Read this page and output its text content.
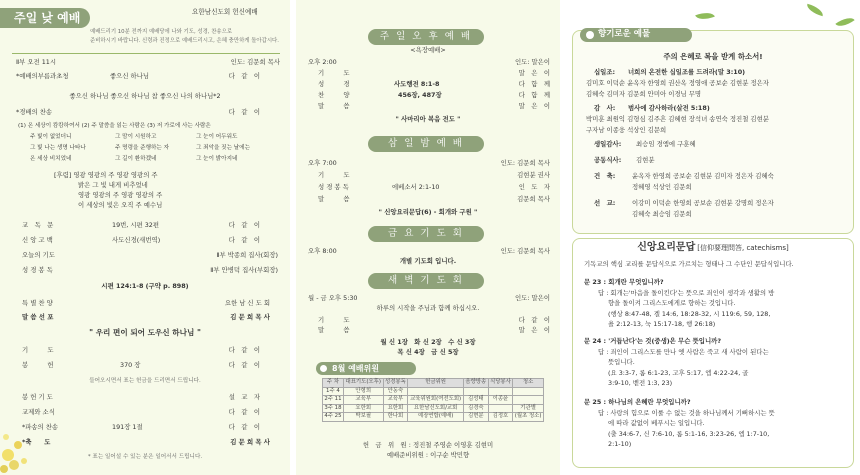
주일 낮 예배	요한남신도회 헌신예배
예배드리기 10분 전까지 예배당에 나와 기도, 성경, 찬송으로
준비하시기 바랍니다. 신령과 진정으로 예배드리시고, 은혜 충만하게 돌아갑시다.
Ⅱ부 오전 11시	인도: 김문희 목사
*예배의부름과초청	좋으신 하나님	다　같　이
좋으신 하나님 좋으신 하나님 참 좋으신 나의 하나님*2
*경배의 찬송	다　같　이
(1) 온 세상이 캄캄하여서 (2) 주 말씀을 읽는 사람은 (3) 저 가로에 사는 사람은
주 빛이 없었더니	그 맘이 시원하고	그 눈이 어두워도
그 빛 나는 생명 나타나	주 명령을 준행하는 자	그 죄악을 짓는 날에는
온 세상 비치었네	그 길이 환하겠네	그 눈이 밝아지네
[후렴] 영광 영광의 주 영광 영광의 주
밝은 그 빛 내게 비추었네
영광 영광의 주 영광 영광의 주
이 세상의 빛은 오직 주 예수님
교　독　문	19번, 시편 32편	다　같　이
신 앙 고 백	사도신경(새번역)	다　같　이
오늘의 기도	Ⅱ부 박종희 집사(회장)
성 경 봉 독	Ⅱ부 안병덕 집사(부회장)
시편 124:1-8 (구약 p. 898)
특 별 찬 양	요한 남 신 도 회
말 씀 선 포	김 문 희 목 사
" 우리 편이 되어 도우신 하나님 "
기　　　도	다　같　이
봉　　　헌	370 장	다　같　이
들어오시면서 표는 헌금을 드리면서 드립니다.
봉 헌 기 도	설　교　자
교제와 소식	다　같　이
*파송의 찬송	191장 1절	다　같　이
*축　　도	김 문 희 목 사
* 표는 일어설 수 있는 분은 일어서서 드립니다.
주 일 오 후 예 배
<욕장예배>
오후 2:00	인도: 말은이
기　　　도	말　은　이
성　　　경	사도행전 8:1-8	다　함　께
찬　　　양	456장, 487장	다　함　께
말　　　씀	말　은　이
" 사마리아 복음 전도 "
삼 일 밤 예 배
오후 7:00	인도: 김문희 목사
기　　　도	김현분 권사
성 경 봉 독	에베소서 2:1-10	인　도　자
말　　　씀	김문희 목사
" 신앙요리문답(6) - 회개와 구원 "
금 요 기 도 회
오후 8:00	인도: 김문희 목사
개별 기도회 입니다.
새 벽 기 도 회
월 - 금 오후 5:30	인도: 말은이
하루의 시작을 주님과 함께 하십시오.
기　　　도	다　같　이
말　　　씀	말　은　이
월 신 1장　화 신 2장　수 신 3장
목 신 4장　금 신 5장
8월 예배위원
주 차	대표기도(오후)	성경봉독	헌금위원	음향방송	식당봉사	청소
1주 4	안형희	안동숙				
2주 11	교육부	교육부	교육위원회(여전도회)	김성태	이종윤	
3주 18	요한회	요한회	요한남신도회/교회	김경숙		기관별
4주 25	박보필	한나회	예장연합(예배)	김현분	김정호	(월초 청소)
헌　금　위　원 : 정진철 주영순 이영훈 김현미
예배준비위원 : 이구순 박민향
향기로운 예물
주의 은혜로 복을 받게 하소서!
십일조: 너희의 온전한 십일조를 드려라(말 3:10)
김미호 이덕순 윤옥자 한영희 권산옥 정영애 공보순 김현분 정은자
김혜숙 김미자 김문희 안미아 이경님 무명
감　사: 범사에 감사하라(살전 5:18)
박미훈 최원익 김형심 김주흔 김혜현 장석녀 송연숙 정진철 김현분
구자남 이종웅 석상인 김문희
생일감사: 최승임 경엠에 구훈혜
공동식사: 김현분
건　축:	윤옥자 한영희 공보순 김현분 김미자 정은자 김혜숙
정혜영 석상인 김문희
선　교:	이강미 이덕순 한영희 공보순 김현분 강명희 정은자
김혜숙 최승임 김문희
신앙요리문답 [信仰要理問答, catechisms]
기독교의 핵심 교리를 문답식으로 가르치는 형태나 그 수단인 문답식입니다.
문 23 : 회개란 무엇입니까?
답 : 회개는'마음을 돌이킨다'는 뜻으로 죄인이 생각과 생활의 방
향을 돌이켜 그리스도에게로 향하는 것입니다.
(행상 8:47-48, 겔 14:6, 18:28-32, 시 119:6, 59, 128,
욜 2:12-13, 눅 15:17-18, 행 26:18)
문 24 : '거듭난다'는 것(중생)은 무슨 뜻입니까?
답 : 죄인이 그리스도를 만나 옛 사람은 죽고 새 사람이 된다는
뜻입니다.
(요 3:3-7, 롬 6:1-23, 고후 5:17, 엡 4:22-24, 골
3:9-10, 벧전 1:3, 23)
문 25 : 하나님의 은혜란 무엇입니까?
답 : 사랑의 힘으로 이룰 수 없는 것을 하나님께서 기뻐하시는 뜻
에 따라 값없이 베푸시는 일입니다.
(출 34:6-7, 신 7:6-10, 롬 5:1-16, 3:23-26, 엡 1:7-10,
2:1-10)
